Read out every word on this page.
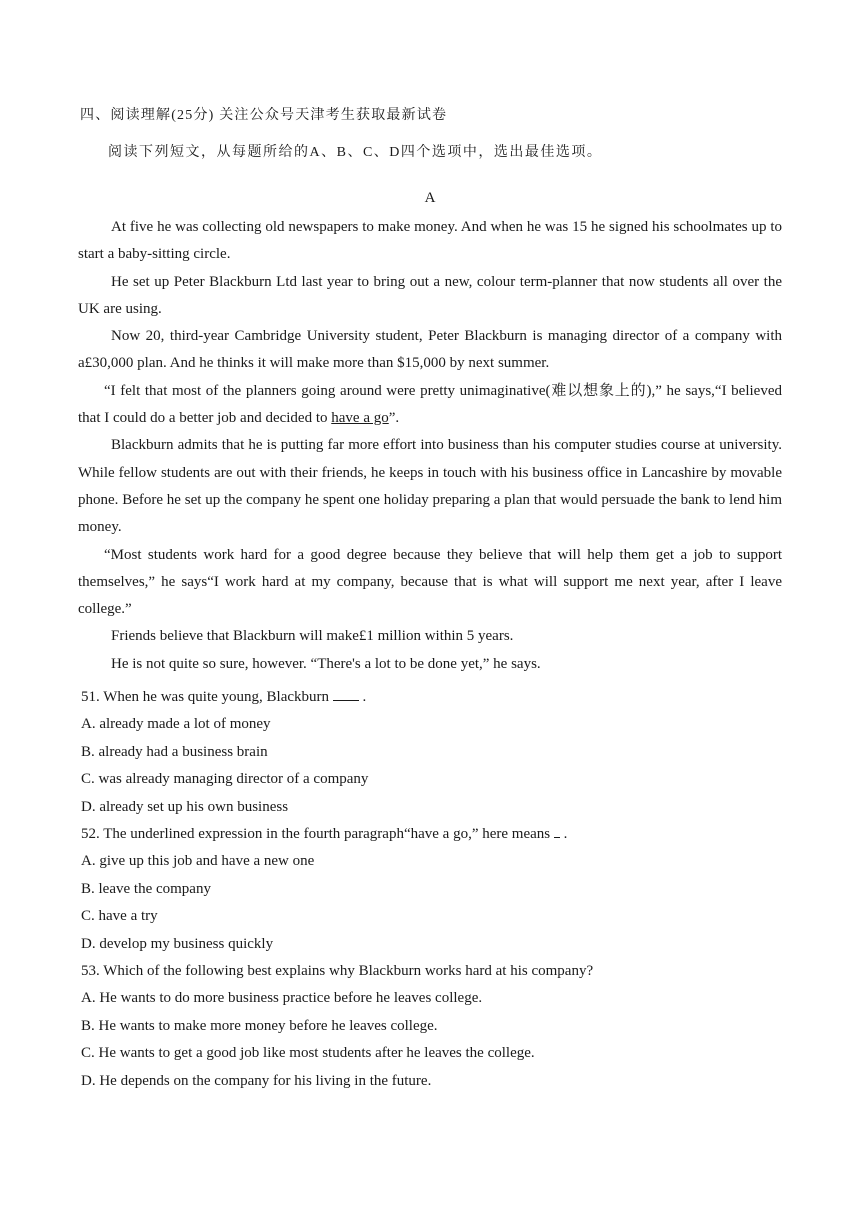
四、阅读理解(25分) 关注公众号天津考生获取最新试卷
阅读下列短文，从每题所给的A、B、C、D四个选项中，选出最佳选项。
A

At five he was collecting old newspapers to make money. And when he was 15 he signed his schoolmates up to start a baby-sitting circle.

He set up Peter Blackburn Ltd last year to bring out a new, colour term-planner that now students all over the UK are using.

Now 20, third-year Cambridge University student, Peter Blackburn is managing director of a company with a£30,000 plan. And he thinks it will make more than $15,000 by next summer.

“I felt that most of the planners going around were pretty unimaginative(难以想象上的),” he says,“I believed that I could do a better job and decided to have a go”.

Blackburn admits that he is putting far more effort into business than his computer studies course at university. While fellow students are out with their friends, he keeps in touch with his business office in Lancashire by movable phone. Before he set up the company he spent one holiday preparing a plan that would persuade the bank to lend him money.

“Most students work hard for a good degree because they believe that will help them get a job to support themselves,” he says“I work hard at my company, because that is what will support me next year, after I leave college.”

Friends believe that Blackburn will make£1 million within 5 years.

He is not quite so sure, however. “There's a lot to be done yet,” he says.

51. When he was quite young, Blackburn  .
A. already made a lot of money
B. already had a business brain
C. was already managing director of a company
D. already set up his own business
52. The underlined expression in the fourth paragraph“have a go,” here means  .
A. give up this job and have a new one
B. leave the company
C. have a try
D. develop my business quickly
53. Which of the following best explains why Blackburn works hard at his company?
A. He wants to do more business practice before he leaves college.
B. He wants to make more money before he leaves college.
C. He wants to get a good job like most students after he leaves the college.
D. He depends on the company for his living in the future.
